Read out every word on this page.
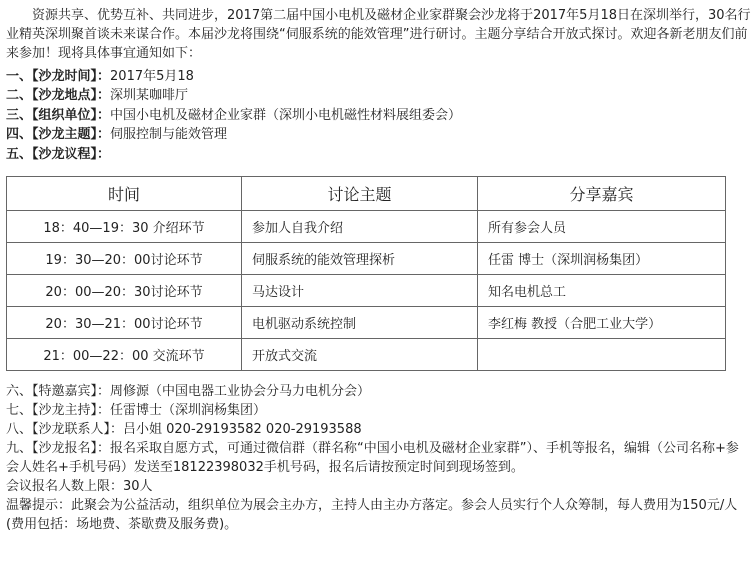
资源共享、优势互补、共同进步，2017第二届中国小电机及磁材企业家群聚会沙龙将于2017年5月18日在深圳举行，30名行业精英深圳聚首谈未来谋合作。本届沙龙将围绕“伺服系统的能效管理”进行研讨。主题分享结合开放式探讨。欢迎各新老朋友们前来参加！现将具体事宜通知如下：

一、【沙龙时间】：2017年5月18
二、【沙龙地点】：深圳某咖啡厅
三、【组织单位】：中国小电机及磁材企业家群（深圳小电机磁性材料展组委会）
四、【沙龙主题】：伺服控制与能效管理
五、【沙龙议程】：
时间	讨论主题	分享嘉宾
18：40—19：30 介绍环节	参加人自我介绍	所有参会人员
19：30—20：00讨论环节	伺服系统的能效管理探析	任雷 博士（深圳润杨集团）
20：00—20：30讨论环节	马达设计	知名电机总工
20：30—21：00讨论环节	电机驱动系统控制	李红梅 教授（合肥工业大学）
21：00—22：00 交流环节	开放式交流	

六、【特邀嘉宾】：周修源（中国电器工业协会分马力电机分会）

七、【沙龙主持】：任雷博士（深圳润杨集团）

八、【沙龙联系人】：吕小姐 020-29193582 020-29193588

九、【沙龙报名】：报名采取自愿方式，可通过微信群（群名称“中国小电机及磁材企业家群”）、手机等报名，编辑（公司名称+参会人姓名+手机号码）发送至18122398032手机号码，报名后请按预定时间到现场签到。

会议报名人数上限：30人

温馨提示：此聚会为公益活动，组织单位为展会主办方，主持人由主办方落定。参会人员实行个人众筹制，每人费用为150元/人 (费用包括：场地费、茶歇费及服务费)。
